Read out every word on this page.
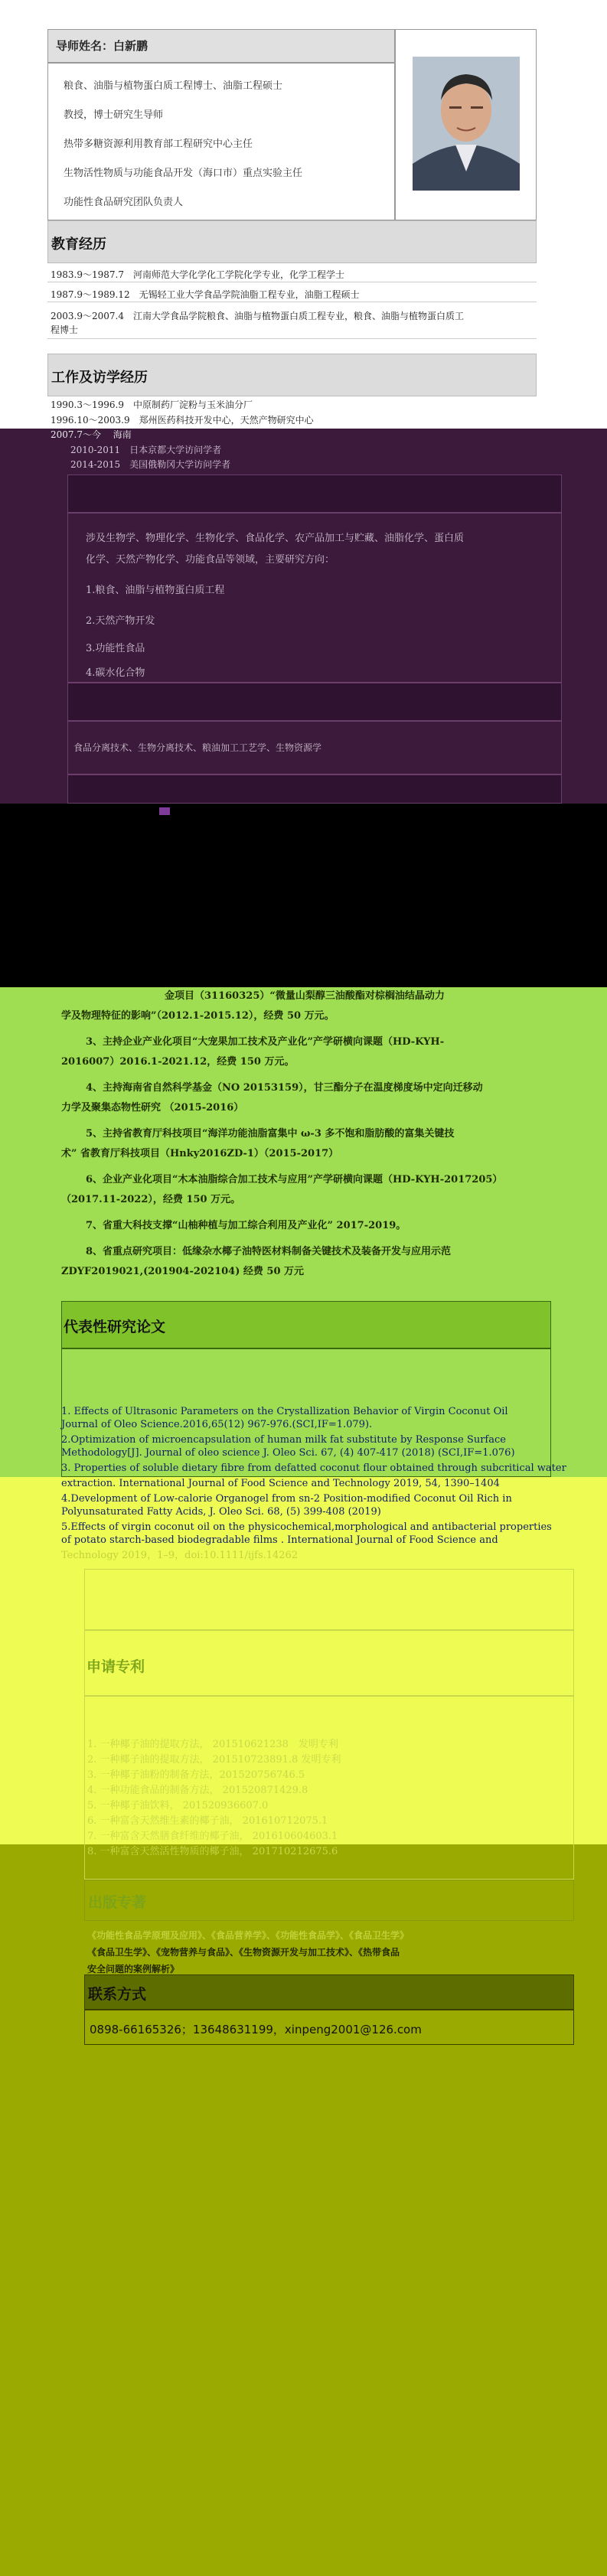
导师姓名：白新鹏
粮食、油脂与植物蛋白质工程博士、油脂工程硕士
教授，博士研究生导师
热带多糖资源利用教育部工程研究中心主任
生物活性物质与功能食品开发（海口市）重点实验主任
功能性食品研究团队负责人
教育经历
1983.9～1987.7　河南师范大学化学化工学院化学专业，化学工程学士
1987.9～1989.12　无锡轻工业大学食品学院油脂工程专业，油脂工程硕士
2003.9～2007.4　江南大学食品学院粮食、油脂与植物蛋白质工程专业，粮食、油脂与植物蛋白质工
程博士
工作及访学经历
1990.3～1996.9　中原制药厂淀粉与玉米油分厂
1996.10～2003.9　郑州医药科技开发中心，天然产物研究中心
2007.7～今　 海南
2010-2011　日本京都大学访问学者
2014-2015　美国俄勒冈大学访问学者
涉及生物学、物理化学、生物化学、食品化学、农产品加工与贮藏、油脂化学、蛋白质
化学、天然产物化学、功能食品等领域，主要研究方向：
1.粮食、油脂与植物蛋白质工程
2.天然产物开发
3.功能性食品
4.碳水化合物
食品分离技术、生物分离技术、粮油加工工艺学、生物资源学
金项目（31160325）“微量山梨醇三油酸酯对棕榈油结晶动力
学及物理特征的影响”（2012.1-2015.12），经费 50 万元。
3、主持企业产业化项目“大宠果加工技术及产业化”产学研横向课题（HD-KYH-
2016007）2016.1-2021.12，经费 150 万元。
4、主持海南省自然科学基金（NO 20153159），甘三酯分子在温度梯度场中定向迁移动
力学及聚集态物性研究 （2015-2016）
5、主持省教育厅科技项目“海洋功能油脂富集中 ω-3 多不饱和脂肪酸的富集关键技
术” 省教育厅科技项目（Hnky2016ZD-1）（2015-2017）
6、企业产业化项目“木本油脂综合加工技术与应用”产学研横向课题（HD-KYH-2017205）
（2017.11-2022），经费 150 万元。
7、省重大科技支撑“山柚种植与加工综合利用及产业化” 2017-2019。
8、省重点研究项目：低缘杂水椰子油特医材料制备关键技术及装备开发与应用示范
ZDYF2019021,(201904-202104) 经费 50 万元
代表性研究论文
1. Effects of Ultrasonic Parameters on the Crystallization Behavior of Virgin Coconut Oil
Journal of Oleo Science.2016,65(12) 967-976.(SCI,IF=1.079).
2.Optimization of microencapsulation of human milk fat substitute by Response Surface
Methodology[J]. Journal of oleo science J. Oleo Sci. 67, (4) 407-417 (2018) (SCI,IF=1.076)
3. Properties of soluble dietary fibre from defatted coconut flour obtained through subcritical water
extraction. International Journal of Food Science and Technology 2019, 54, 1390–1404
4.Development of Low-calorie Organogel from sn-2 Position-modified Coconut Oil Rich in
Polyunsaturated Fatty Acids, J. Oleo Sci. 68, (5) 399-408 (2019)
5.Effects of virgin coconut oil on the physicochemical,morphological and antibacterial properties
of potato starch-based biodegradable films . International Journal of Food Science and
Technology 2019，1–9，doi:10.1111/ijfs.14262
申请专利
1. 一种椰子油的提取方法， 201510621238　发明专利
2. 一种椰子油的提取方法， 201510723891.8 发明专利
3. 一种椰子油粉的制备方法，201520756746.5
4. 一种功能食品的制备方法， 201520871429.8
5. 一种椰子油饮料， 201520936607.0
6. 一种富含天然维生素的椰子油， 201610712075.1
7. 一种富含天然膳食纤维的椰子油， 201610604603.1
8. 一种富含天然活性物质的椰子油， 201710212675.6
出版专著
《功能性食品学原理及应用》、《食品营养学》、《功能性食品学》、《食品卫生学》
《食品卫生学》、《宠物营养与食品》、《生物资源开发与加工技术》、《热带食品
安全问题的案例解析》
联系方式
0898-66165326；13648631199，xinpeng2001@126.com
